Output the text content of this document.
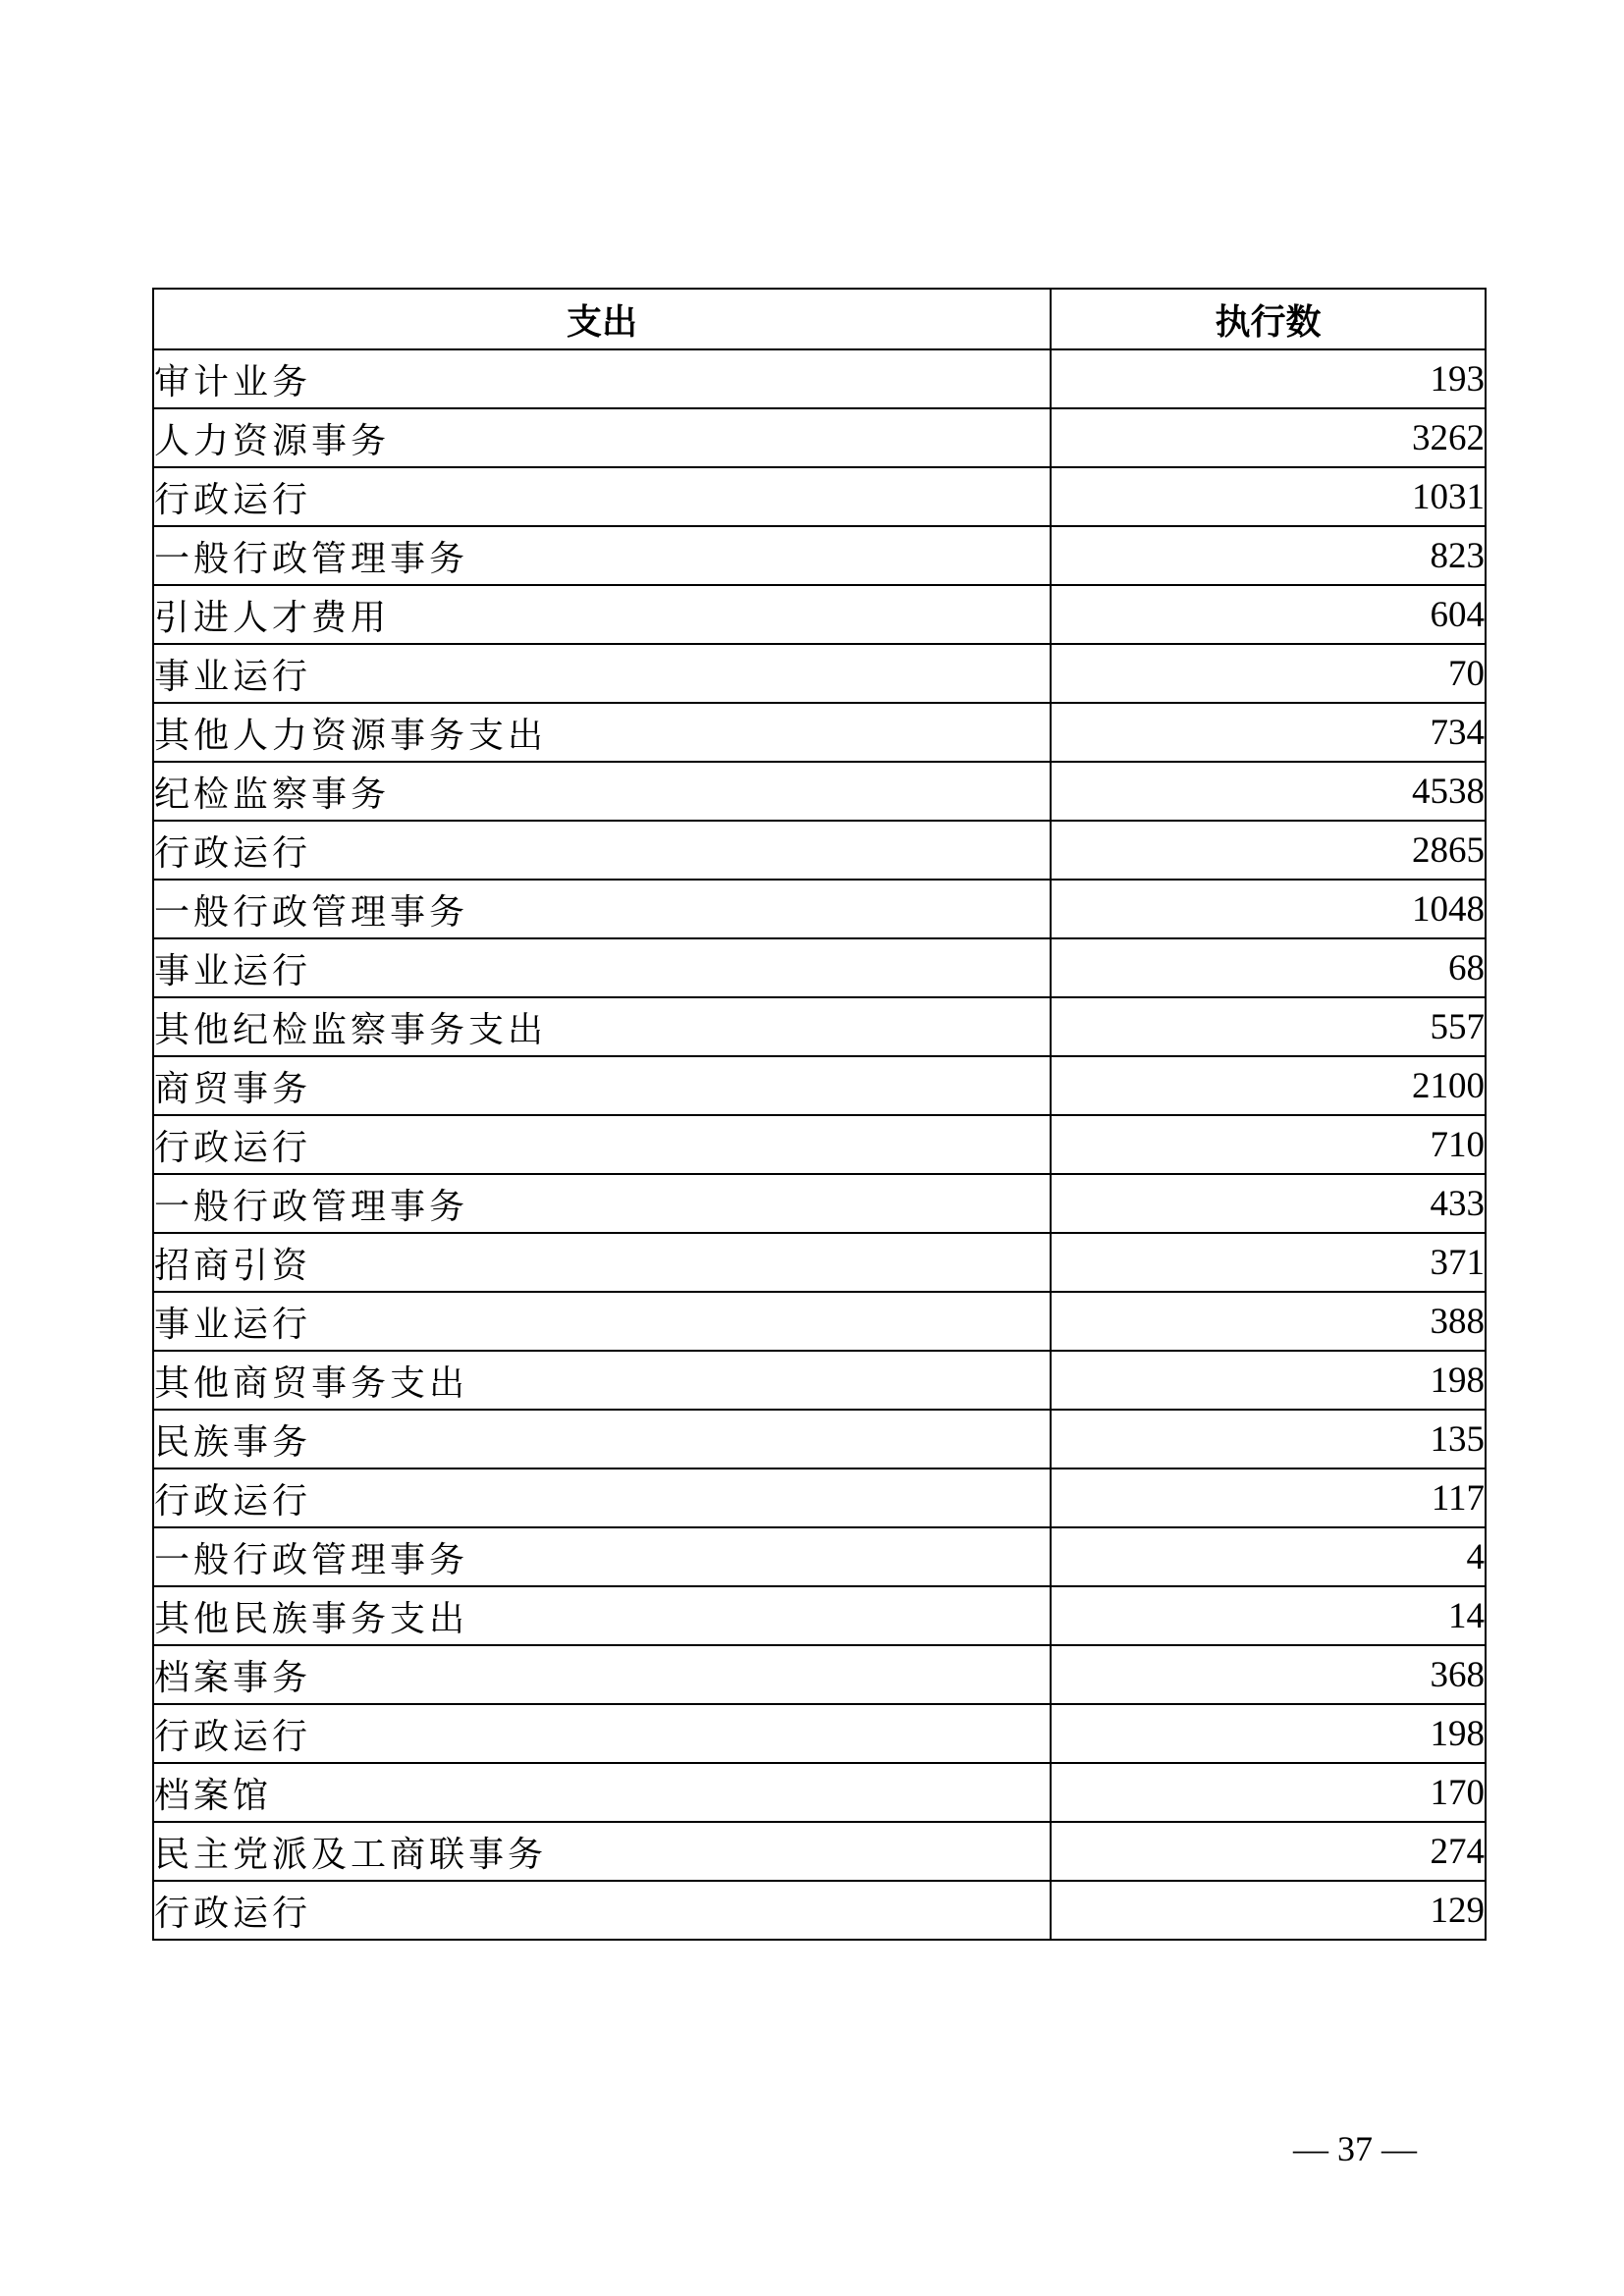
支出	执行数
审计业务	193
人力资源事务	3262
行政运行	1031
一般行政管理事务	823
引进人才费用	604
事业运行	70
其他人力资源事务支出	734
纪检监察事务	4538
行政运行	2865
一般行政管理事务	1048
事业运行	68
其他纪检监察事务支出	557
商贸事务	2100
行政运行	710
一般行政管理事务	433
招商引资	371
事业运行	388
其他商贸事务支出	198
民族事务	135
行政运行	117
一般行政管理事务	4
其他民族事务支出	14
档案事务	368
行政运行	198
档案馆	170
民主党派及工商联事务	274
行政运行	129
— 37 —
